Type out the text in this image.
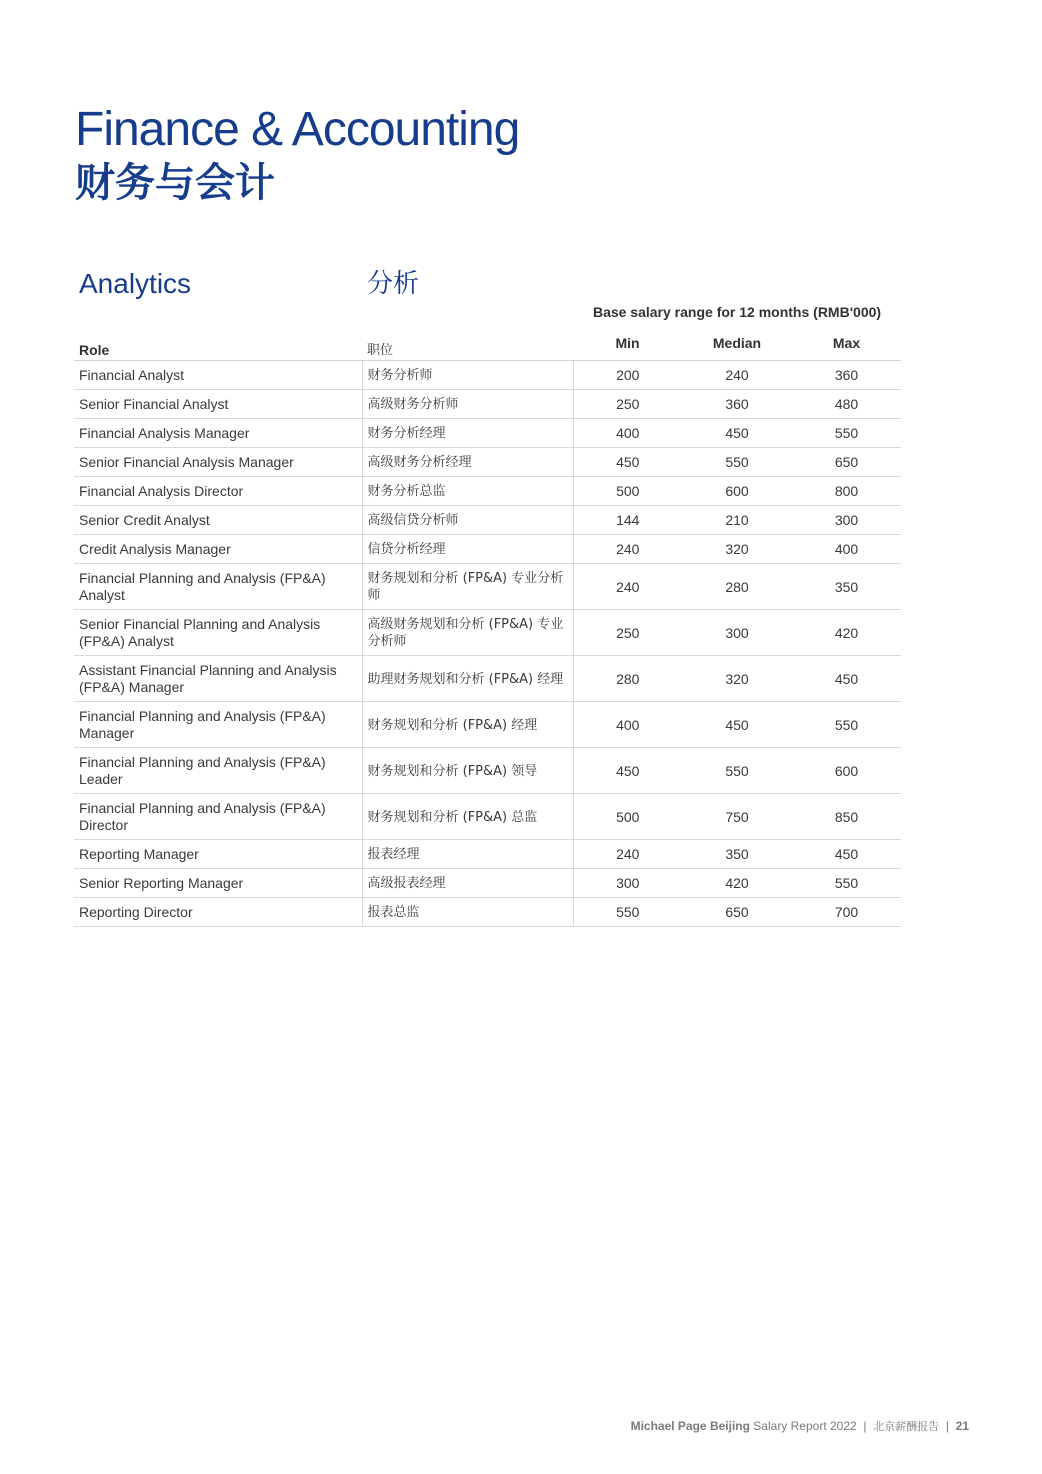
Finance & Accounting
财务与会计
Analytics	分析
Base salary range for 12 months (RMB'000)
Role	职位	Min	Median	Max
Financial Analyst	财务分析师	200	240	360
Senior Financial Analyst	高级财务分析师	250	360	480
Financial Analysis Manager	财务分析经理	400	450	550
Senior Financial Analysis Manager	高级财务分析经理	450	550	650
Financial Analysis Director	财务分析总监	500	600	800
Senior Credit Analyst	高级信贷分析师	144	210	300
Credit Analysis Manager	信贷分析经理	240	320	400
Financial Planning and Analysis (FP&A) Analyst	财务规划和分析 (FP&A) 专业分析师	240	280	350
Senior Financial Planning and Analysis (FP&A) Analyst	高级财务规划和分析 (FP&A) 专业分析师	250	300	420
Assistant Financial Planning and Analysis (FP&A) Manager	助理财务规划和分析 (FP&A) 经理	280	320	450
Financial Planning and Analysis (FP&A) Manager	财务规划和分析 (FP&A) 经理	400	450	550
Financial Planning and Analysis (FP&A) Leader	财务规划和分析 (FP&A) 领导	450	550	600
Financial Planning and Analysis (FP&A) Director	财务规划和分析 (FP&A) 总监	500	750	850
Reporting Manager	报表经理	240	350	450
Senior Reporting Manager	高级报表经理	300	420	550
Reporting Director	报表总监	550	650	700
Michael Page Beijing Salary Report 2022 | 北京薪酬报告 | 21
